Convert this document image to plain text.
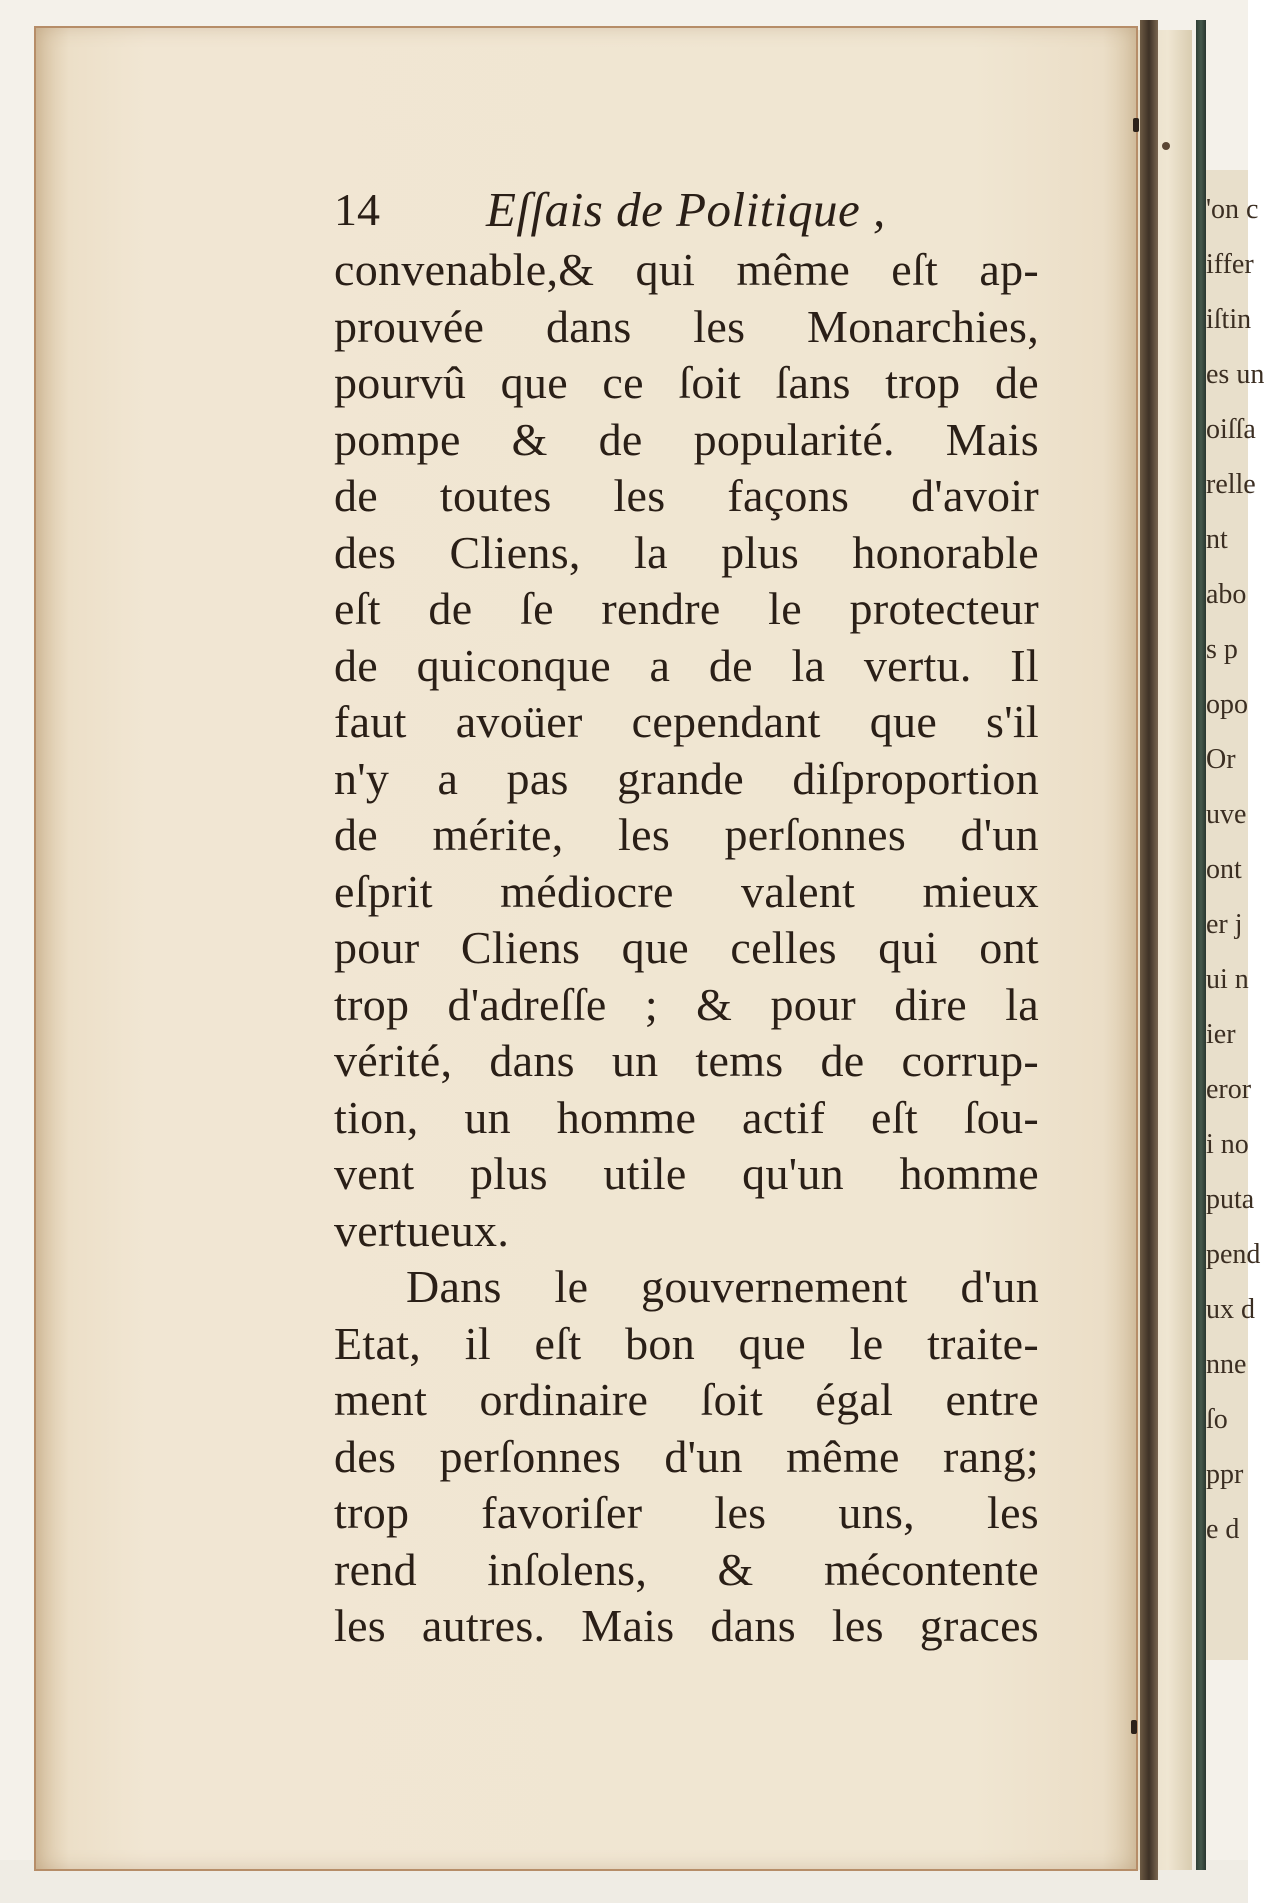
'on c
iffer
iſtin
es un
oiſſa
relle
nt
abo
s p
opo
Or
uve
ont
er j
ui n
ier
eror
i no
puta
pend
ux d
nne
ſo
ppr
e d
14 Eſſais de Politique ,
convenable,& qui même eſt ap-
prouvée dans les Monarchies,
pourvû que ce ſoit ſans trop de
pompe & de popularité. Mais
de toutes les façons d'avoir
des Cliens, la plus honorable
eſt de ſe rendre le protecteur
de quiconque a de la vertu. Il
faut avoüer cependant que s'il
n'y a pas grande diſproportion
de mérite, les perſonnes d'un
eſprit médiocre valent mieux
pour Cliens que celles qui ont
trop d'adreſſe ; & pour dire la
vérité, dans un tems de corrup-
tion, un homme actif eſt ſou-
vent plus utile qu'un homme
vertueux.
Dans le gouvernement d'un
Etat, il eſt bon que le traite-
ment ordinaire ſoit égal entre
des perſonnes d'un même rang;
trop favoriſer les uns, les
rend inſolens, & mécontente
les autres. Mais dans les graces
